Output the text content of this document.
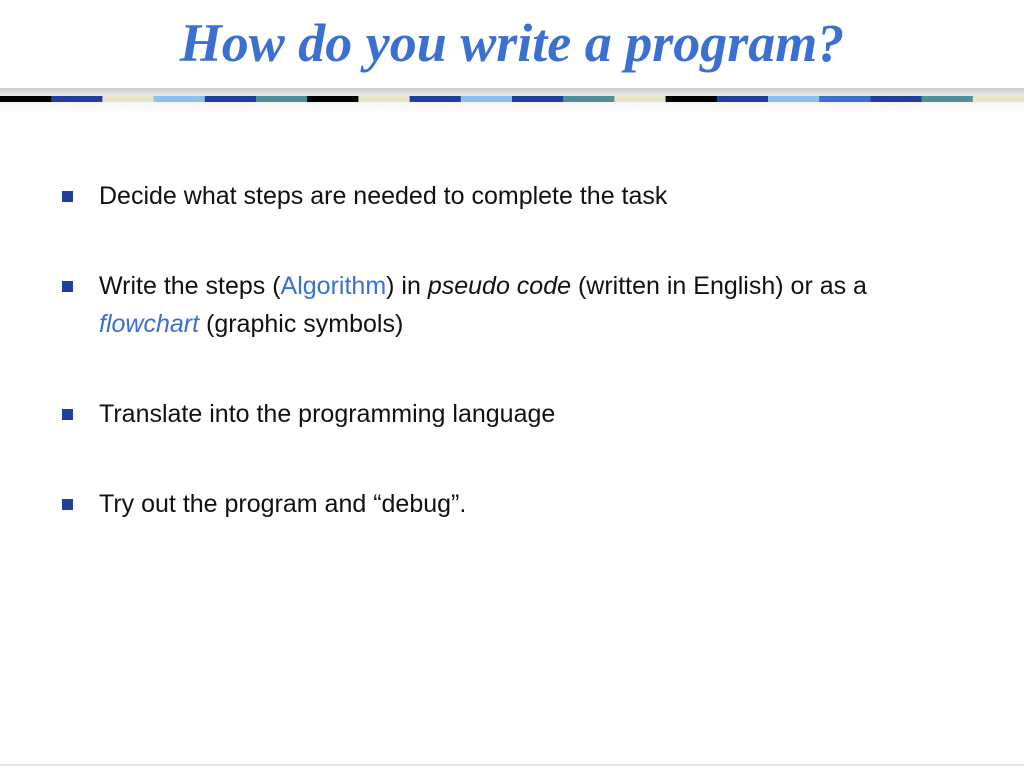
How do you write a program?
Decide what steps are needed to complete the task
Write the steps (Algorithm) in pseudo code (written in English) or as a flowchart (graphic symbols)
Translate into the programming language
Try out the program and “debug”.
